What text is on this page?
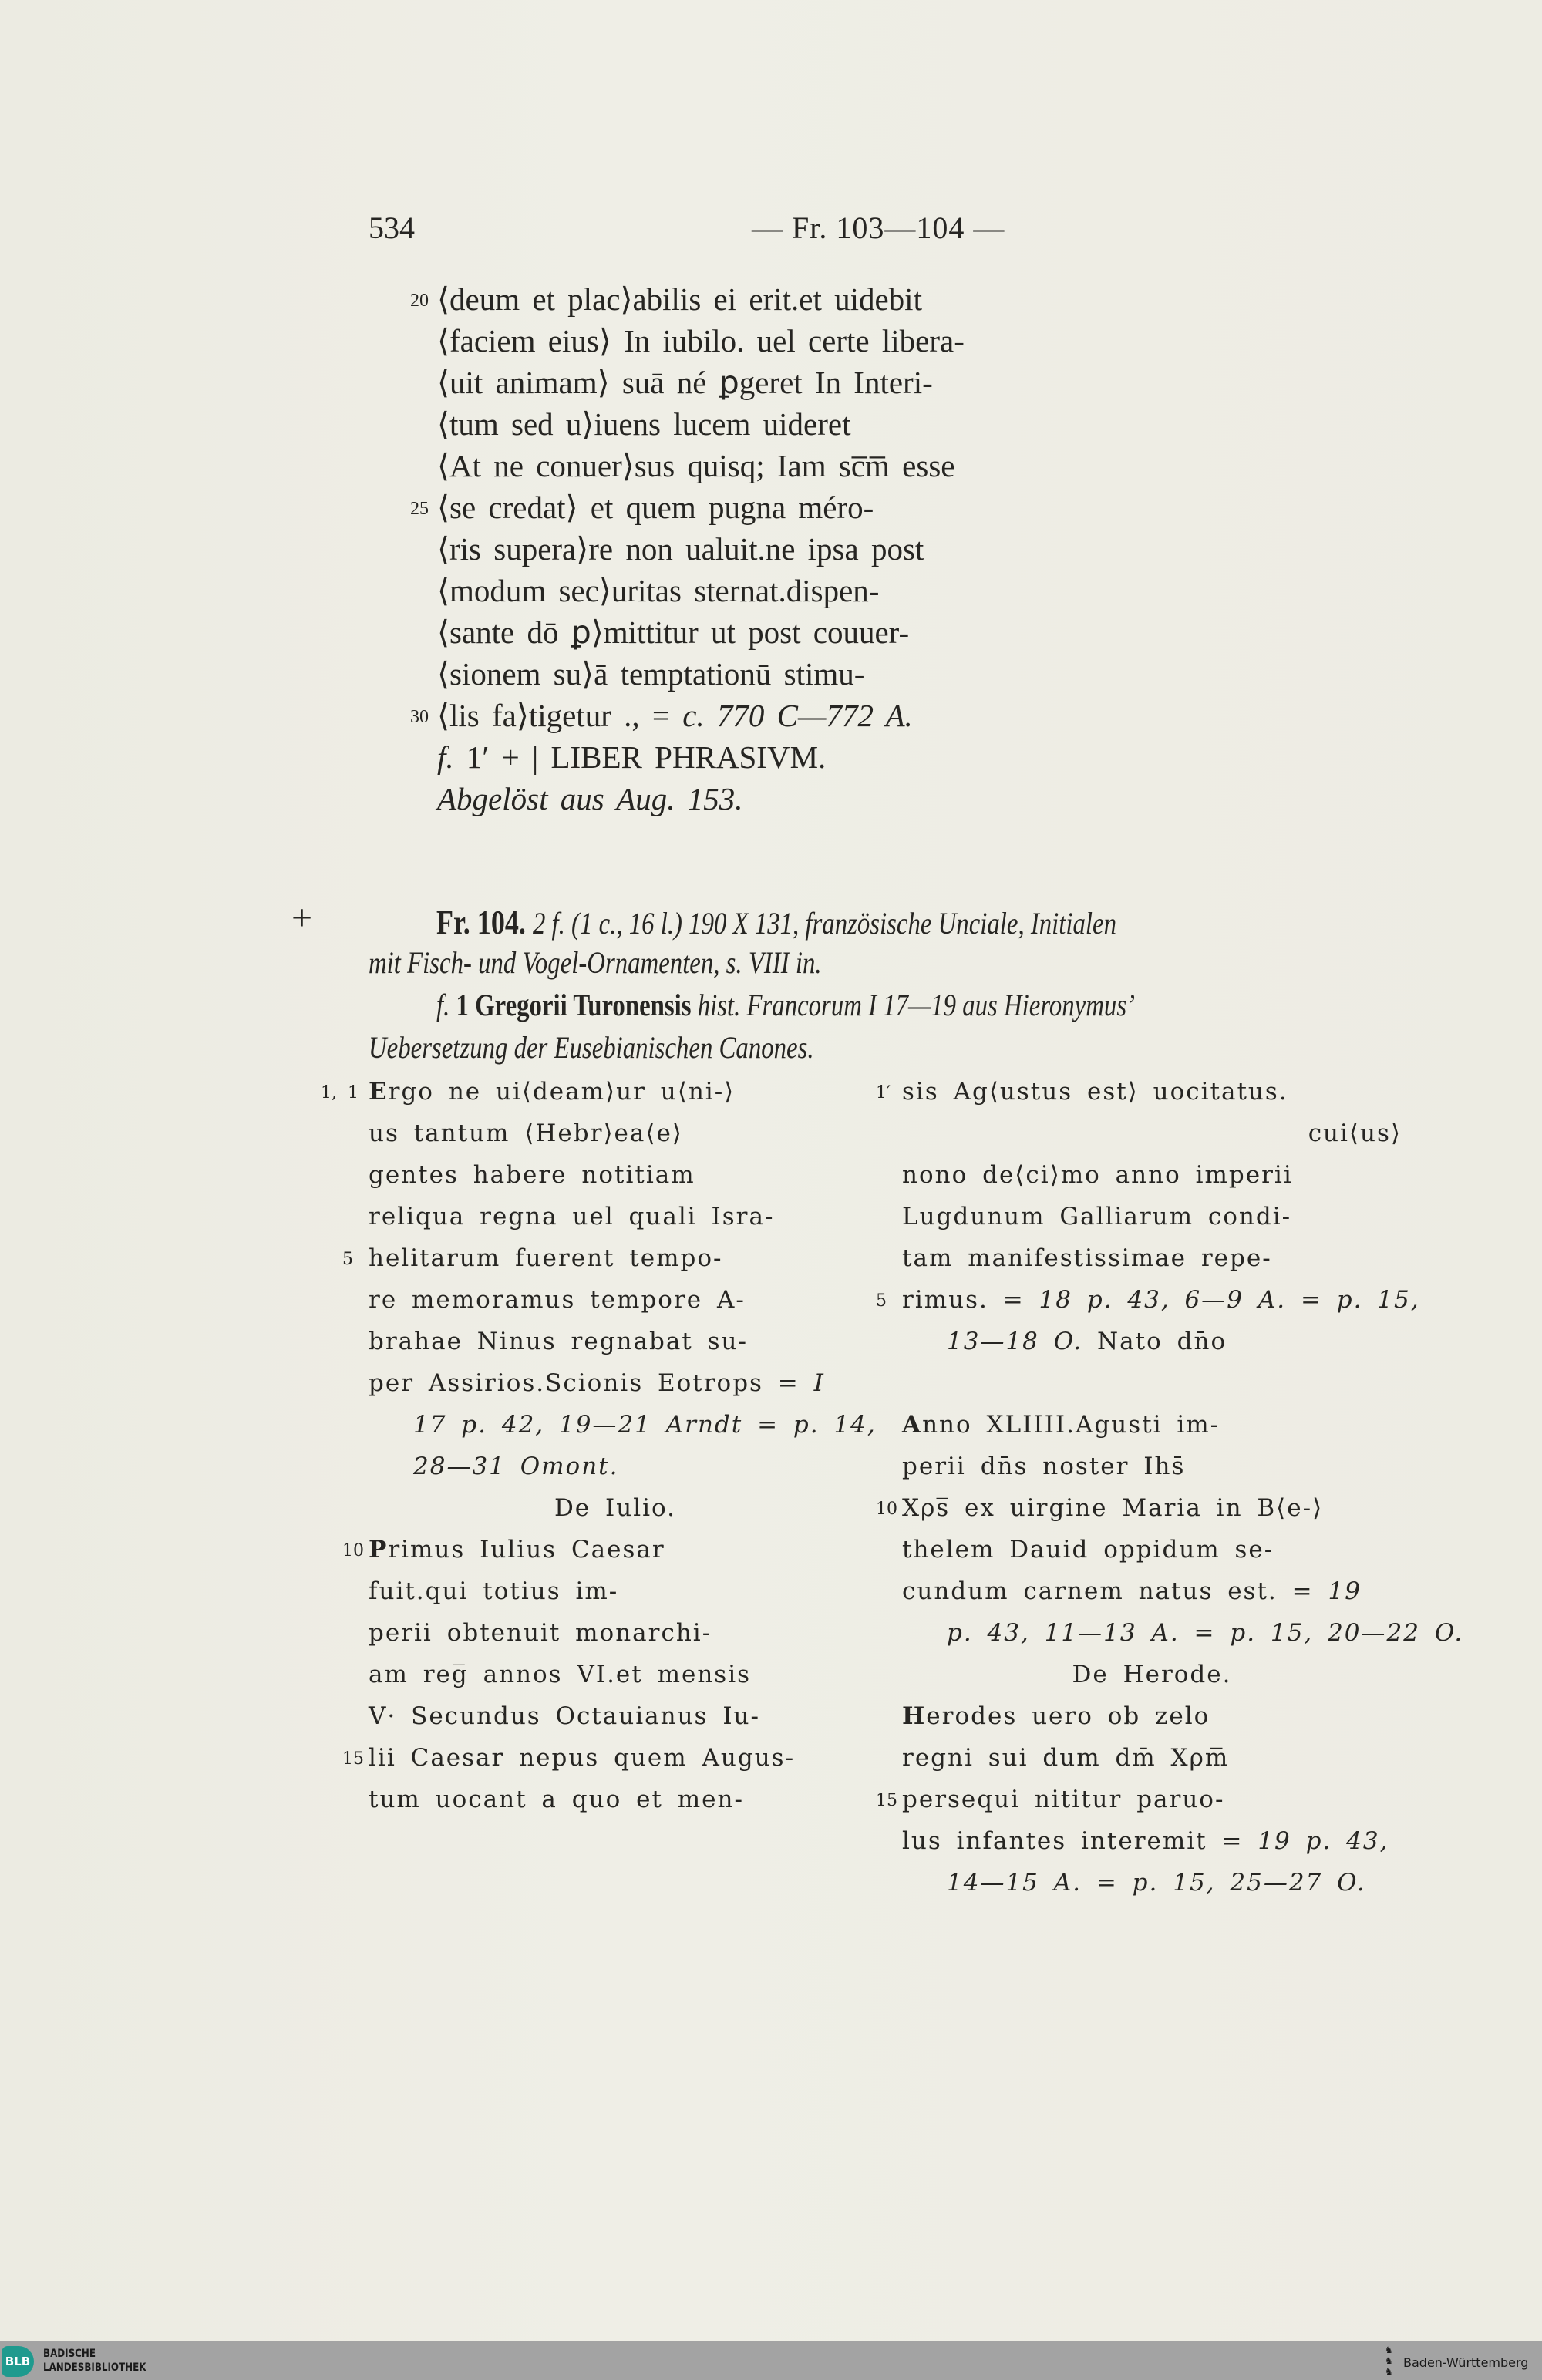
534	— Fr. 103—104 —
20 ⟨deum et plac⟩abilis ei erit.et uidebit
⟨faciem eius⟩ In iubilo. uel certe libera-
⟨uit animam⟩ suā né ꝑgeret In Interi-
⟨tum sed u⟩iuens lucem uideret
⟨At ne conuer⟩sus quisq; Iam sc̅m̅ esse
25 ⟨se credat⟩ et quem pugna méro-
⟨ris supera⟩re non ualuit.ne ipsa post
⟨modum sec⟩uritas sternat.dispen-
⟨sante dō ꝑ⟩mittitur ut post couuer-
⟨sionem su⟩ā temptationū stimu-
30 ⟨lis fa⟩tigetur ., = c. 770 C—772 A.
f. 1′ + | LIBER PHRASIVM.
Abgelöst aus Aug. 153.
+	Fr. 104. 2 f. (1 c., 16 l.) 190 X 131, französische Unciale, Initialen
mit Fisch- und Vogel-Ornamenten, s. VIII in.
f. 1 Gregorii Turonensis hist. Francorum I 17—19 aus Hieronymus’
Uebersetzung der Eusebianischen Canones.
1, 1 Ergo ne ui⟨deam⟩ur u⟨ni-⟩
us tantum ⟨Hebr⟩ea⟨e⟩
gentes habere notitiam
reliqua regna uel quali Isra-
5 helitarum fuerent tempo-
re memoramus tempore A-
brahae Ninus regnabat su-
per Assirios.Scionis Eotrops = I
17 p. 42, 19—21 Arndt = p. 14,
28—31 Omont.
De Iulio.
10 Primus Iulius Caesar
fuit.qui totius im-
perii obtenuit monarchi-
am reg̅ annos VI.et mensis
V· Secundus Octauianus Iu-
15 lii Caesar nepus quem Augus-
tum uocant a quo et men-
1′ sis Ag⟨ustus est⟩ uocitatus.
cui⟨us⟩
nono de⟨ci⟩mo anno imperii
Lugdunum Galliarum condi-
tam manifestissimae repe-
5 rimus. = 18 p. 43, 6—9 A. = p. 15,
13—18 O. Nato dn̄o
Anno XLIIII.Agusti im-
perii dn̄s noster Ihs̄
10 Xρs̅ ex uirgine Maria in B⟨e-⟩
thelem Dauid oppidum se-
cundum carnem natus est. = 19
p. 43, 11—13 A. = p. 15, 20—22 O.
De Herode.
Herodes uero ob zelo
regni sui dum dm̄ Xρm̅
15 persequi nititur paruo-
lus infantes interemit = 19 p. 43,
14—15 A. = p. 15, 25—27 O.
BLB
BADISCHE
LANDESBIBLIOTHEK
♞
♞
♞
Baden-Württemberg
